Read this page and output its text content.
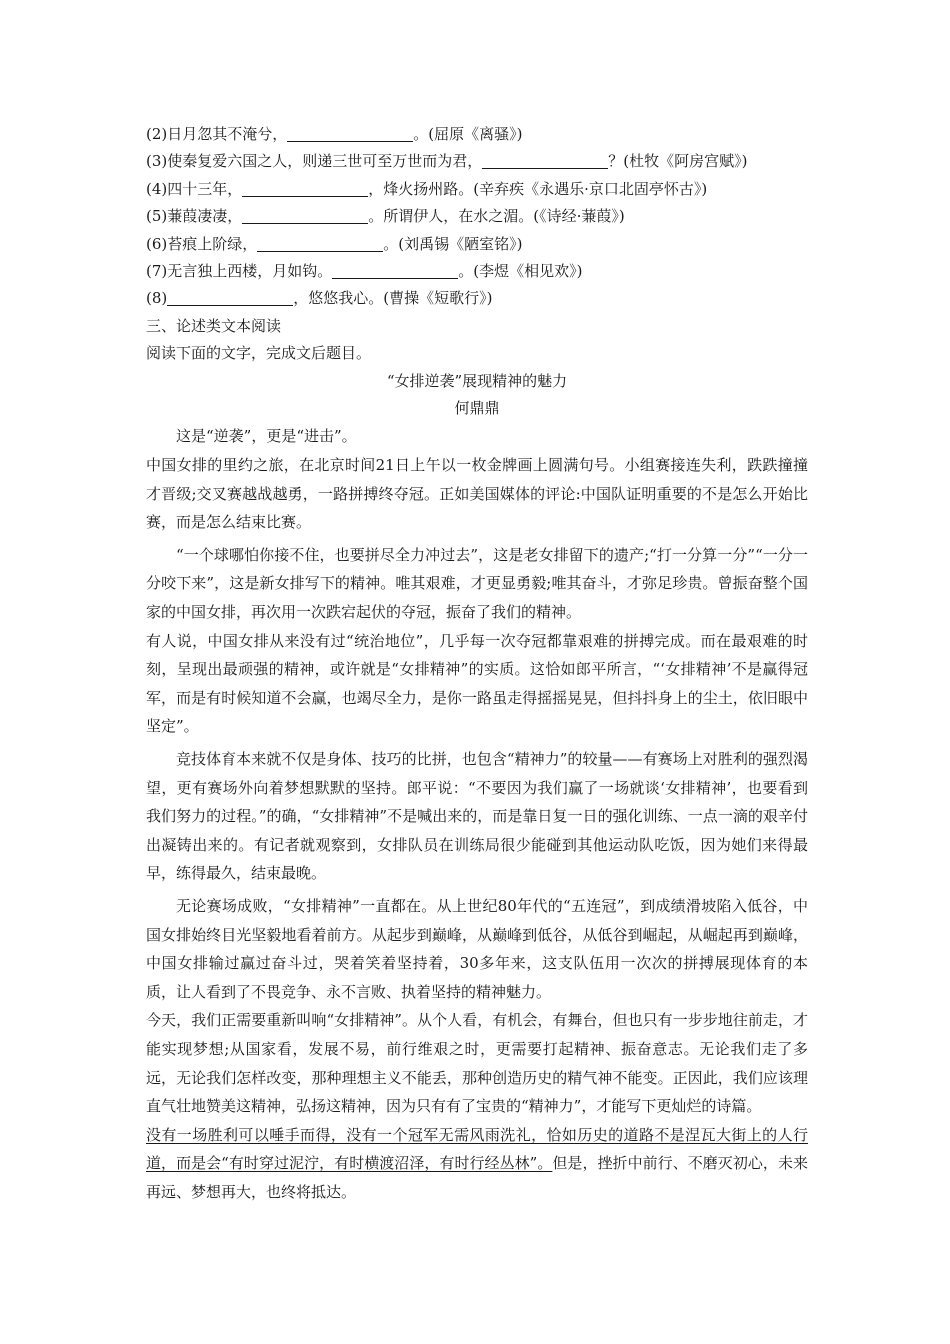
(2)日月忽其不淹兮，	。(屈原《离骚》)
(3)使秦复爱六国之人，则递三世可至万世而为君，	？(杜牧《阿房宫赋》)
(4)四十三年，	，烽火扬州路。(辛弃疾《永遇乐·京口北固亭怀古》)
(5)蒹葭凄凄，	。所谓伊人，在水之湄。(《诗经·蒹葭》)
(6)苔痕上阶绿，	。(刘禹锡《陋室铭》)
(7)无言独上西楼，月如钩。	。(李煜《相见欢》)
(8)	，悠悠我心。(曹操《短歌行》)
三、论述类文本阅读
阅读下面的文字，完成文后题目。
“女排逆袭”展现精神的魅力
何鼎鼎

这是“逆袭”，更是“进击”。

中国女排的里约之旅，在北京时间21日上午以一枚金牌画上圆满句号。小组赛接连失利，跌跌撞撞才晋级;交叉赛越战越勇，一路拼搏终夺冠。正如美国媒体的评论:中国队证明重要的不是怎么开始比赛，而是怎么结束比赛。

“一个球哪怕你接不住，也要拼尽全力冲过去”，这是老女排留下的遗产;“打一分算一分”“一分一分咬下来”，这是新女排写下的精神。唯其艰难，才更显勇毅;唯其奋斗，才弥足珍贵。曾振奋整个国家的中国女排，再次用一次跌宕起伏的夺冠，振奋了我们的精神。

有人说，中国女排从来没有过“统治地位”，几乎每一次夺冠都靠艰难的拼搏完成。而在最艰难的时刻，呈现出最顽强的精神，或许就是“女排精神”的实质。这恰如郎平所言，“‘女排精神’不是赢得冠军，而是有时候知道不会赢，也竭尽全力，是你一路虽走得摇摇晃晃，但抖抖身上的尘土，依旧眼中坚定”。

竞技体育本来就不仅是身体、技巧的比拼，也包含“精神力”的较量——有赛场上对胜利的强烈渴望，更有赛场外向着梦想默默的坚持。郎平说：“不要因为我们赢了一场就谈‘女排精神’，也要看到我们努力的过程。”的确，“女排精神”不是喊出来的，而是靠日复一日的强化训练、一点一滴的艰辛付出凝铸出来的。有记者就观察到，女排队员在训练局很少能碰到其他运动队吃饭，因为她们来得最早，练得最久，结束最晚。

无论赛场成败，“女排精神”一直都在。从上世纪80年代的“五连冠”，到成绩滑坡陷入低谷，中国女排始终目光坚毅地看着前方。从起步到巅峰，从巅峰到低谷，从低谷到崛起，从崛起再到巅峰，中国女排输过赢过奋斗过，哭着笑着坚持着，30多年来，这支队伍用一次次的拼搏展现体育的本质，让人看到了不畏竞争、永不言败、执着坚持的精神魅力。

今天，我们正需要重新叫响“女排精神”。从个人看，有机会，有舞台，但也只有一步步地往前走，才能实现梦想;从国家看，发展不易，前行维艰之时，更需要打起精神、振奋意志。无论我们走了多远，无论我们怎样改变，那种理想主义不能丢，那种创造历史的精气神不能变。正因此，我们应该理直气壮地赞美这精神，弘扬这精神，因为只有有了宝贵的“精神力”，才能写下更灿烂的诗篇。

没有一场胜利可以唾手而得，没有一个冠军无需风雨洗礼，恰如历史的道路不是涅瓦大街上的人行道，而是会“有时穿过泥泞，有时横渡沼泽，有时行经丛林”。但是，挫折中前行、不磨灭初心，未来再远、梦想再大，也终将抵达。
